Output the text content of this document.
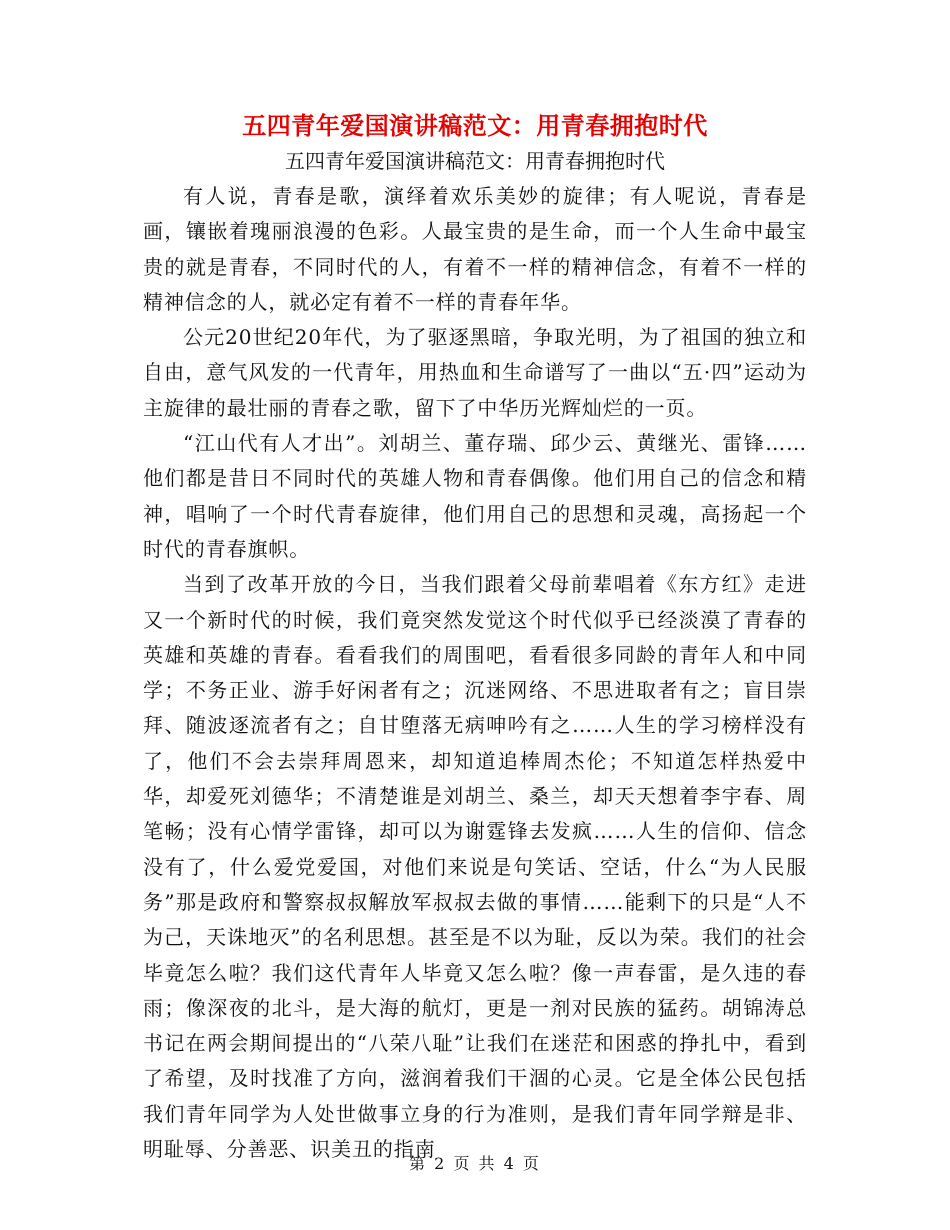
五四青年爱国演讲稿范文：用青春拥抱时代

五四青年爱国演讲稿范文：用青春拥抱时代

有人说，青春是歌，演绎着欢乐美妙的旋律；有人呢说，青春是画，镶嵌着瑰丽浪漫的色彩。人最宝贵的是生命，而一个人生命中最宝贵的就是青春，不同时代的人，有着不一样的精神信念，有着不一样的精神信念的人，就必定有着不一样的青春年华。

公元20世纪20年代，为了驱逐黑暗，争取光明，为了祖国的独立和自由，意气风发的一代青年，用热血和生命谱写了一曲以“五·四”运动为主旋律的最壮丽的青春之歌，留下了中华历光辉灿烂的一页。

“江山代有人才出”。刘胡兰、董存瑞、邱少云、黄继光、雷锋……他们都是昔日不同时代的英雄人物和青春偶像。他们用自己的信念和精神，唱响了一个时代青春旋律，他们用自己的思想和灵魂，高扬起一个时代的青春旗帜。

当到了改革开放的今日，当我们跟着父母前辈唱着《东方红》走进又一个新时代的时候，我们竟突然发觉这个时代似乎已经淡漠了青春的英雄和英雄的青春。看看我们的周围吧，看看很多同龄的青年人和中同学；不务正业、游手好闲者有之；沉迷网络、不思进取者有之；盲目崇拜、随波逐流者有之；自甘堕落无病呻吟有之……人生的学习榜样没有了，他们不会去崇拜周恩来，却知道追棒周杰伦；不知道怎样热爱中华，却爱死刘德华；不清楚谁是刘胡兰、桑兰，却天天想着李宇春、周笔畅；没有心情学雷锋，却可以为谢霆锋去发疯……人生的信仰、信念没有了，什么爱党爱国，对他们来说是句笑话、空话，什么“为人民服务”那是政府和警察叔叔解放军叔叔去做的事情……能剩下的只是“人不为己，天诛地灭”的名利思想。甚至是不以为耻，反以为荣。我们的社会毕竟怎么啦？我们这代青年人毕竟又怎么啦？像一声春雷，是久违的春雨；像深夜的北斗，是大海的航灯，更是一剂对民族的猛药。胡锦涛总书记在两会期间提出的“八荣八耻”让我们在迷茫和困惑的挣扎中，看到了希望，及时找准了方向，滋润着我们干涸的心灵。它是全体公民包括我们青年同学为人处世做事立身的行为准则，是我们青年同学辩是非、明耻辱、分善恶、识美丑的指南

第 2 页 共 4 页
